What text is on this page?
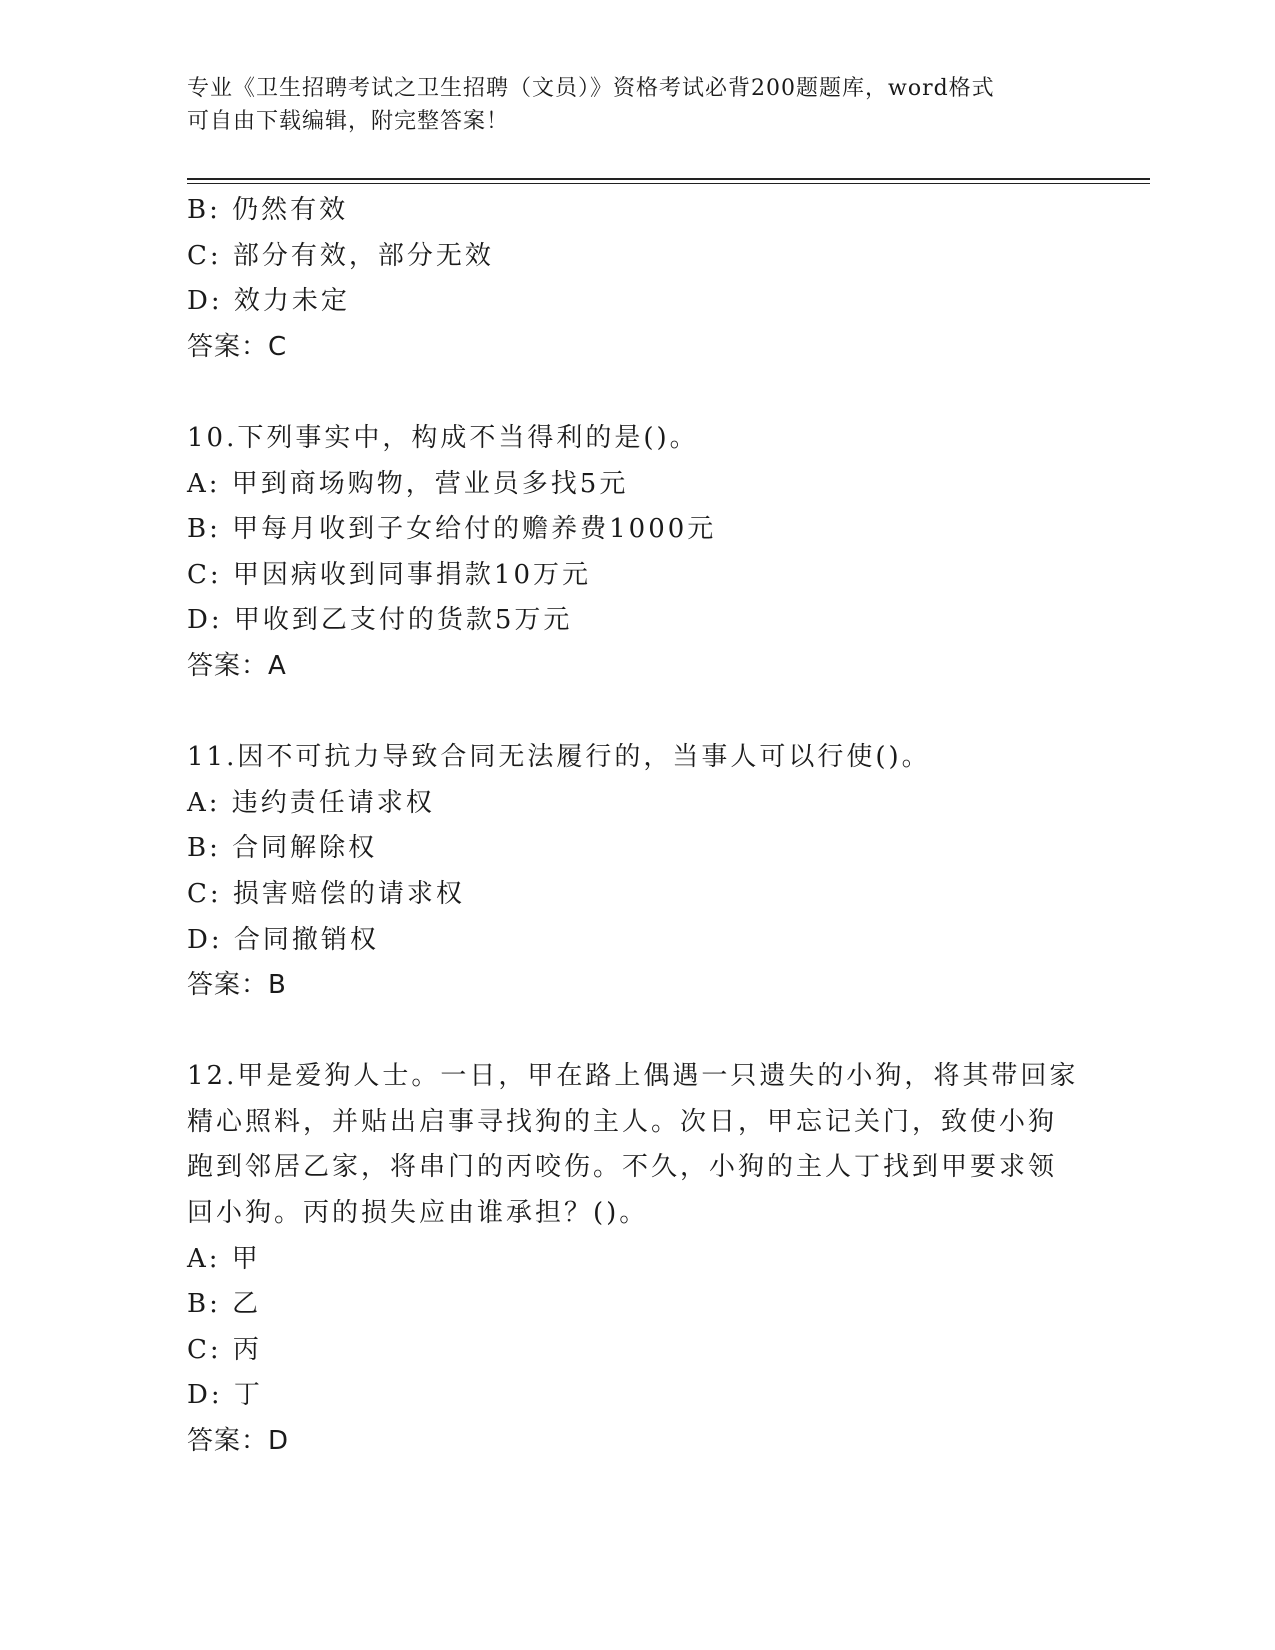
专业《卫生招聘考试之卫生招聘（文员）》资格考试必背200题题库，word格式
可自由下载编辑，附完整答案！
B: 仍然有效
C: 部分有效，部分无效
D: 效力未定
答案：C
10.下列事实中，构成不当得利的是()。
A: 甲到商场购物，营业员多找5元
B: 甲每月收到子女给付的赡养费1000元
C: 甲因病收到同事捐款10万元
D: 甲收到乙支付的货款5万元
答案：A
11.因不可抗力导致合同无法履行的，当事人可以行使()。
A: 违约责任请求权
B: 合同解除权
C: 损害赔偿的请求权
D: 合同撤销权
答案：B
12.甲是爱狗人士。一日，甲在路上偶遇一只遗失的小狗，将其带回家
精心照料，并贴出启事寻找狗的主人。次日，甲忘记关门，致使小狗
跑到邻居乙家，将串门的丙咬伤。不久，小狗的主人丁找到甲要求领
回小狗。丙的损失应由谁承担？()。
A: 甲
B: 乙
C: 丙
D: 丁
答案：D
